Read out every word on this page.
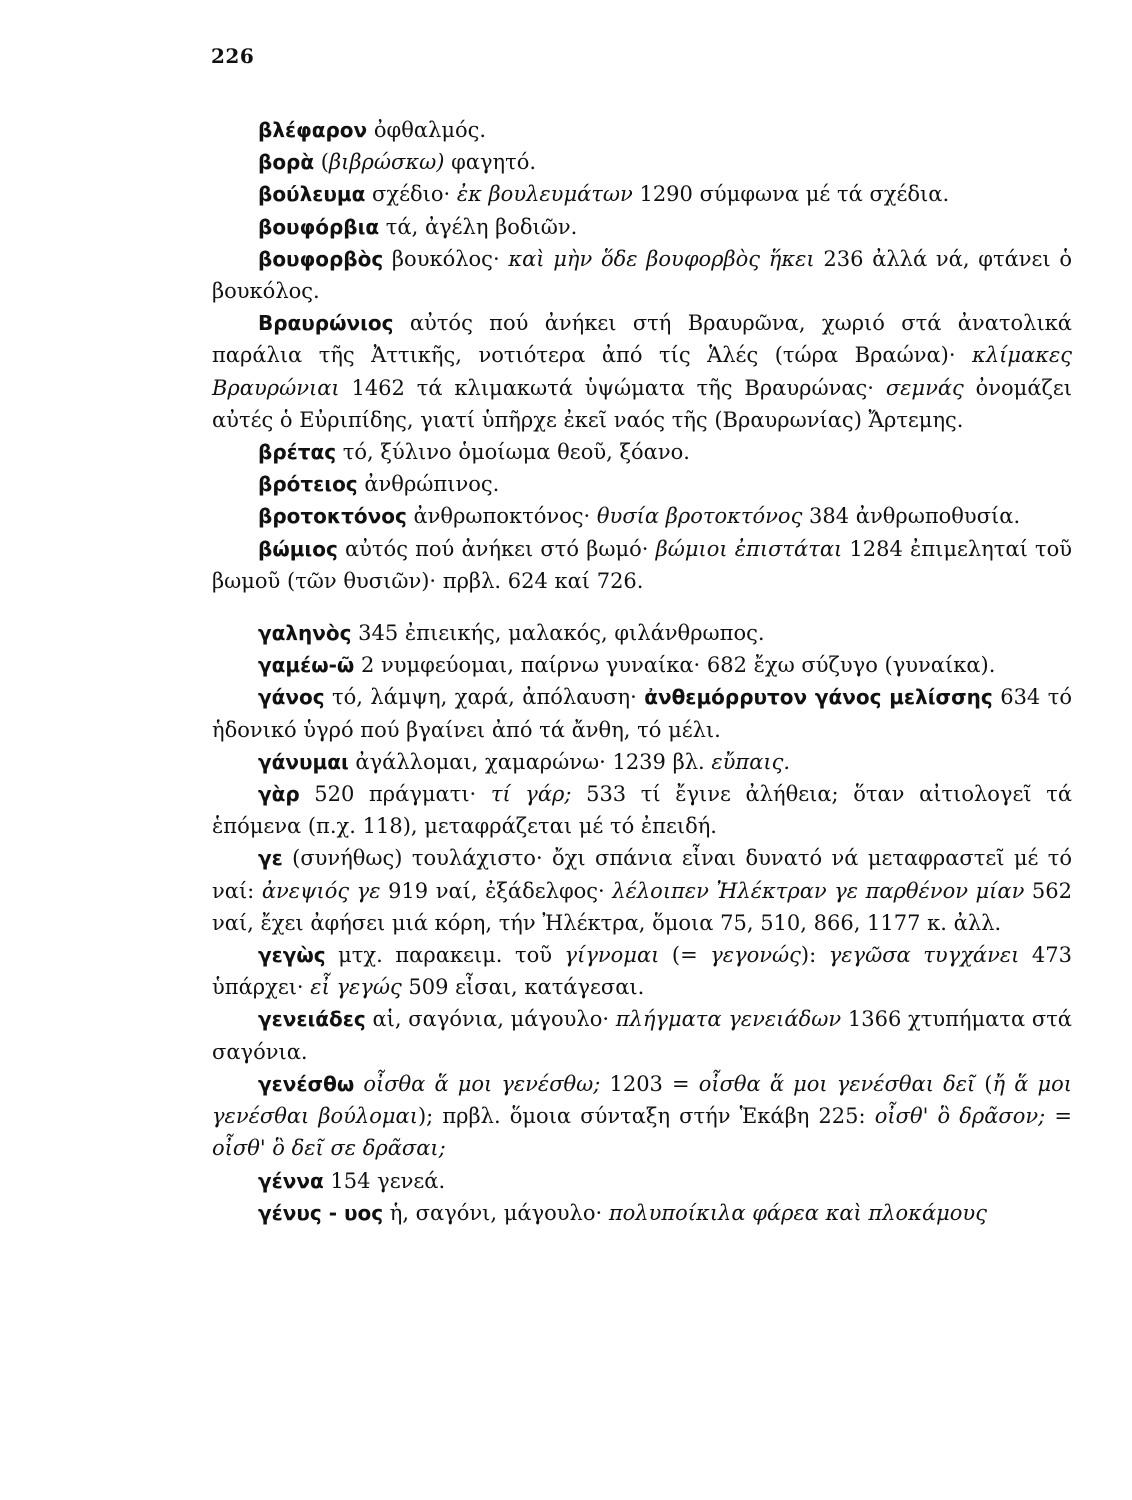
226
βλέφαρον ὀφθαλμός.
βορὰ (βιβρώσκω) φαγητό.
βούλευμα σχέδιο· ἐκ βουλευμάτων 1290 σύμφωνα μέ τά σχέδια.
βουφόρβια τά, ἀγέλη βοδιῶν.
βουφορβὸς βουκόλος· καὶ μὴν ὅδε βουφορβὸς ἥκει 236 ἀλλά νά, φτάνει ὁ βουκόλος.
Βραυρώνιος αὐτός πού ἀνήκει στή Βραυρῶνα, χωριό στά ἀνατολικά παράλια τῆς Ἀττικῆς, νοτιότερα ἀπό τίς Ἁλές (τώρα Βραώνα)· κλίμακες Βραυρώνιαι 1462 τά κλιμακωτά ὑψώματα τῆς Βραυρώνας· σεμνάς ὀνομάζει αὐτές ὁ Εὐριπίδης, γιατί ὑπῆρχε ἐκεῖ ναός τῆς (Βραυρωνίας) Ἄρτεμης.
βρέτας τό, ξύλινο ὁμοίωμα θεοῦ, ξόανο.
βρότειος ἀνθρώπινος.
βροτοκτόνος ἀνθρωποκτόνος· θυσία βροτοκτόνος 384 ἀνθρωποθυσία.
βώμιος αὐτός πού ἀνήκει στό βωμό· βώμιοι ἐπιστάται 1284 ἐπιμεληταί τοῦ βωμοῦ (τῶν θυσιῶν)· πρβλ. 624 καί 726.
γαληνὸς 345 ἐπιεικής, μαλακός, φιλάνθρωπος.
γαμέω-ῶ 2 νυμφεύομαι, παίρνω γυναίκα· 682 ἔχω σύζυγο (γυναίκα).
γάνος τό, λάμψη, χαρά, ἀπόλαυση· ἀνθεμόρρυτον γάνος μελίσσης 634 τό ἡδονικό ὑγρό πού βγαίνει ἀπό τά ἄνθη, τό μέλι.
γάνυμαι ἀγάλλομαι, χαμαρώνω· 1239 βλ. εὔπαις.
γὰρ 520 πράγματι· τί γάρ; 533 τί ἔγινε ἀλήθεια; ὅταν αἰτιολογεῖ τά ἑπόμενα (π.χ. 118), μεταφράζεται μέ τό ἐπειδή.
γε (συνήθως) τουλάχιστο· ὄχι σπάνια εἶναι δυνατό νά μεταφραστεῖ μέ τό ναί: ἀνεψιός γε 919 ναί, ἐξάδελφος· λέλοιπεν Ἠλέκτραν γε παρθένον μίαν 562 ναί, ἔχει ἀφήσει μιά κόρη, τήν Ἠλέκτρα, ὅμοια 75, 510, 866, 1177 κ. ἀλλ.
γεγὼς μτχ. παρακειμ. τοῦ γίγνομαι (= γεγονώς): γεγῶσα τυγχάνει 473 ὑπάρχει· εἶ γεγώς 509 εἶσαι, κατάγεσαι.
γενειάδες αἱ, σαγόνια, μάγουλο· πλήγματα γενειάδων 1366 χτυπήματα στά σαγόνια.
γενέσθω οἶσθα ἅ μοι γενέσθω; 1203 = οἶσθα ἅ μοι γενέσθαι δεῖ (ἤ ἅ μοι γενέσθαι βούλομαι); πρβλ. ὅμοια σύνταξη στήν Ἑκάβη 225: οἶσθ' ὃ δρᾶσον; = οἶσθ' ὃ δεῖ σε δρᾶσαι;
γέννα 154 γενεά.
γένυς - υος ἡ, σαγόνι, μάγουλο· πολυποίκιλα φάρεα καὶ πλοκάμους
